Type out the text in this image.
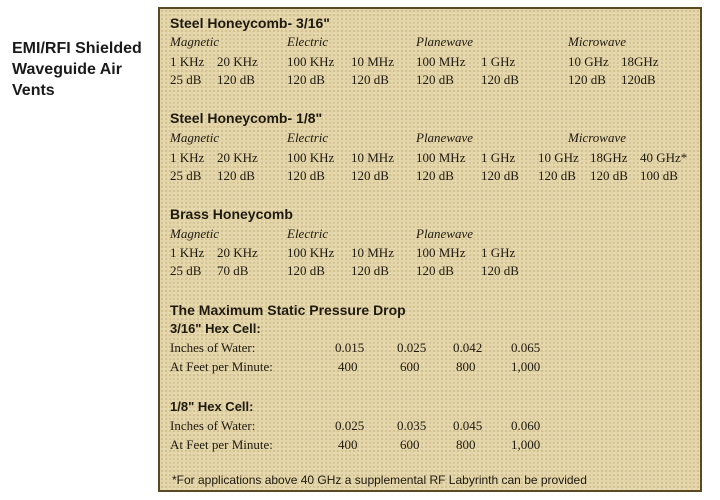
EMI/RFI Shielded Waveguide Air Vents
Steel Honeycomb- 3/16"
Magnetic	Electric	Planewave	Microwave
1 KHz 20 KHz 100 KHz 10 MHz 100 MHz 1 GHz	10 GHz 18GHz
25 dB 120 dB 120 dB 120 dB 120 dB 120 dB	120 dB 120dB
Steel Honeycomb- 1/8"
Magnetic	Electric	Planewave	Microwave
1 KHz 20 KHz 100 KHz 10 MHz 100 MHz 1 GHz 10 GHz 18GHz 40 GHz*
25 dB 120 dB 120 dB 120 dB 120 dB 120 dB 120 dB 120 dB 100 dB
Brass Honeycomb
Magnetic	Electric	Planewave
1 KHz 20 KHz 100 KHz 10 MHz 100 MHz 1 GHz
25 dB 70 dB	120 dB 120 dB 120 dB 120 dB
The Maximum Static Pressure Drop
3/16" Hex Cell:
Inches of Water:	0.015	0.025 0.042 0.065
At Feet per Minute:	400	600	800	1,000
1/8" Hex Cell:
Inches of Water:	0.025	0.035 0.045 0.060
At Feet per Minute:	400	600	800	1,000
*For applications above 40 GHz a supplemental RF Labyrinth can be provided
